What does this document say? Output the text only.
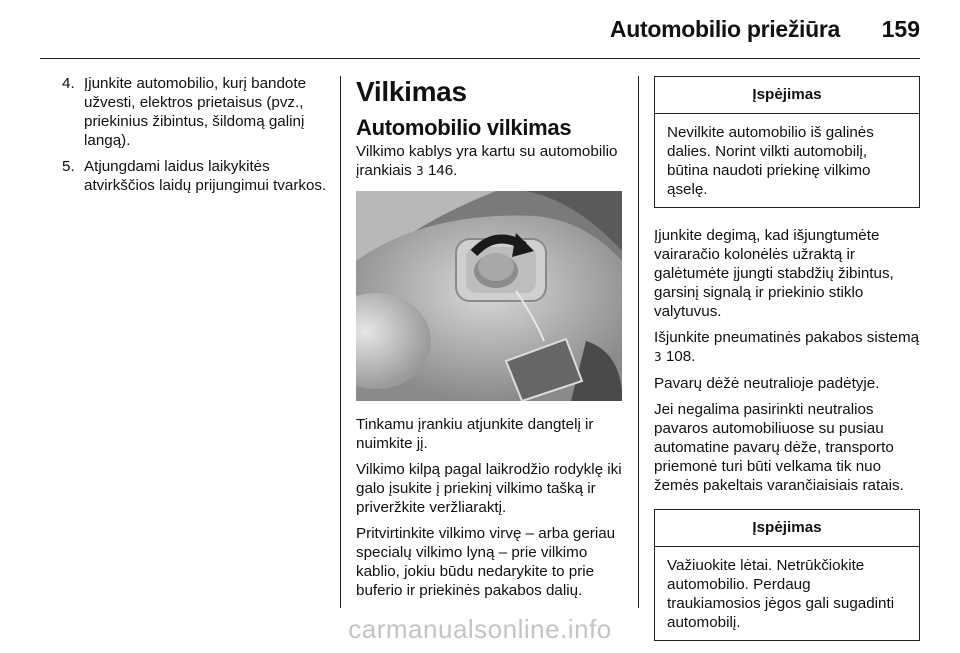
Automobilio priežiūra 159
4. Įjunkite automobilio, kurį bandote užvesti, elektros prietaisus (pvz., priekinius žibintus, šildomą galinį langą).
5. Atjungdami laidus laikykitės atvirkščios laidų prijungimui tvarkos.
Vilkimas
Automobilio vilkimas

Vilkimo kablys yra kartu su automobilio įrankiais 3 146.

Tinkamu įrankiu atjunkite dangtelį ir nuimkite jį.

Vilkimo kilpą pagal laikrodžio rodyklę iki galo įsukite į priekinį vilkimo tašką ir priveržkite veržliaraktį.

Pritvirtinkite vilkimo virvę – arba geriau specialų vilkimo lyną – prie vilkimo kablio, jokiu būdu nedarykite to prie buferio ir priekinės pakabos dalių.

Įspėjimas
Nevilkite automobilio iš galinės dalies. Norint vilkti automobilį, būtina naudoti priekinę vilkimo ąselę.

Įjunkite degimą, kad išjungtumėte vairaračio kolonėlės užraktą ir galėtumėte įjungti stabdžių žibintus, garsinį signalą ir priekinio stiklo valytuvus.

Išjunkite pneumatinės pakabos sistemą 3 108.

Pavarų dėžė neutralioje padėtyje.

Jei negalima pasirinkti neutralios pavaros automobiliuose su pusiau automatine pavarų dėže, transporto priemonė turi būti velkama tik nuo žemės pakeltais varančiaisiais ratais.

Įspėjimas
Važiuokite lėtai. Netrūkčiokite automobilio. Perdaug traukiamosios jėgos gali sugadinti automobilį.
carmanualsonline.info
